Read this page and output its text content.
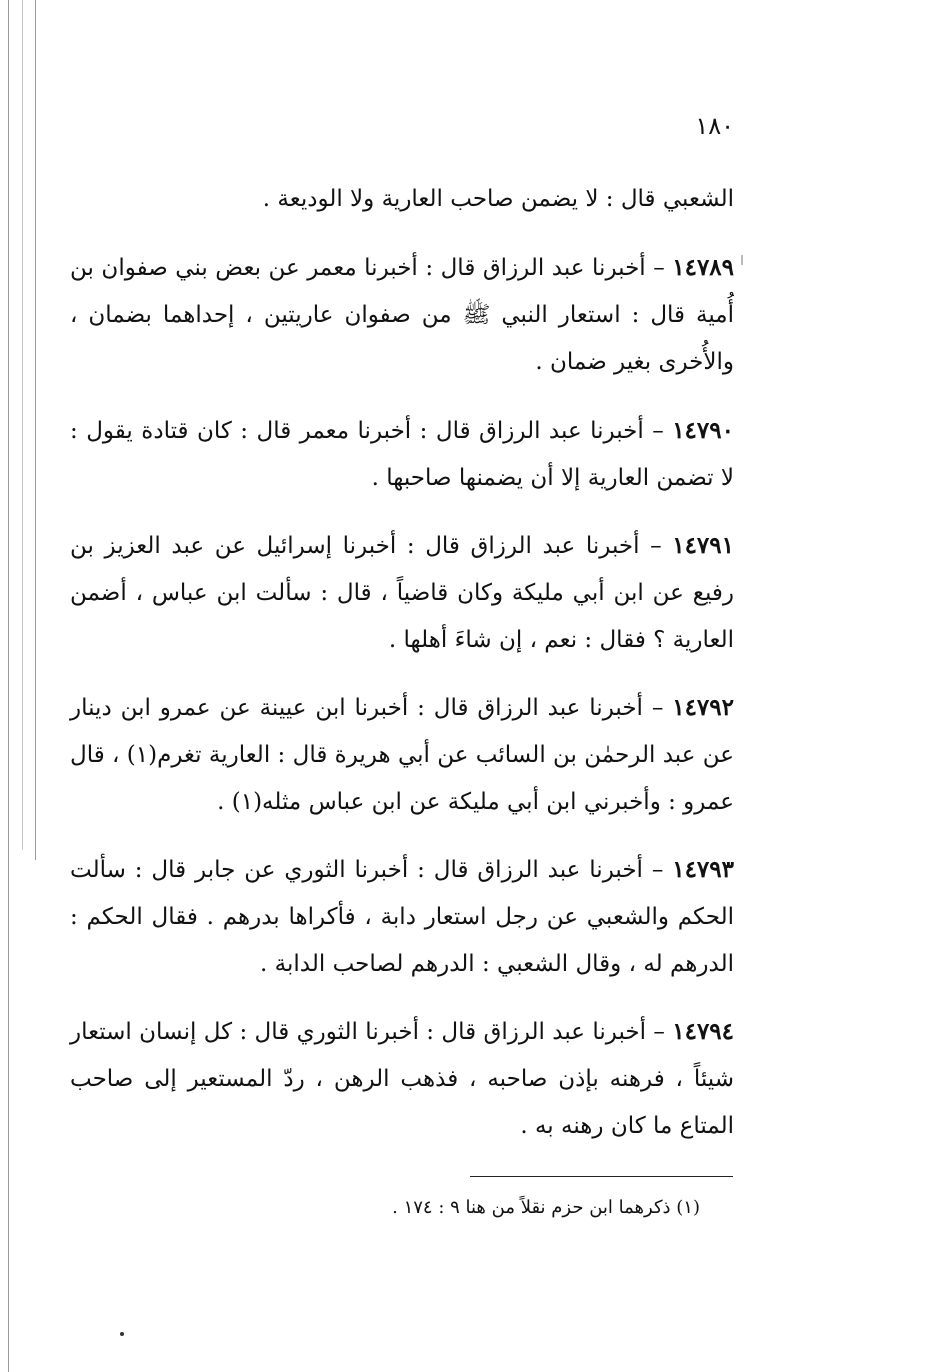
١٨٠

الشعبي قال : لا يضمن صاحب العارية ولا الوديعة .

١٤٧٨٩ – أخبرنا عبد الرزاق قال : أخبرنا معمر عن بعض بني صفوان بن أُمية قال : استعار النبي ﷺ من صفوان عاريتين ، إحداهما بضمان ، والأُخرى بغير ضمان .

١٤٧٩٠ – أخبرنا عبد الرزاق قال : أخبرنا معمر قال : كان قتادة يقول : لا تضمن العارية إلا أن يضمنها صاحبها .

١٤٧٩١ – أخبرنا عبد الرزاق قال : أخبرنا إسرائيل عن عبد العزيز بن رفيع عن ابن أبي مليكة وكان قاضياً ، قال : سألت ابن عباس ، أضمن العارية ؟ فقال : نعم ، إن شاءَ أهلها .

١٤٧٩٢ – أخبرنا عبد الرزاق قال : أخبرنا ابن عيينة عن عمرو ابن دينار عن عبد الرحمٰن بن السائب عن أبي هريرة قال : العارية تغرم(١) ، قال عمرو : وأخبرني ابن أبي مليكة عن ابن عباس مثله(١) .

١٤٧٩٣ – أخبرنا عبد الرزاق قال : أخبرنا الثوري عن جابر قال : سألت الحكم والشعبي عن رجل استعار دابة ، فأكراها بدرهم . فقال الحكم : الدرهم له ، وقال الشعبي : الدرهم لصاحب الدابة .

١٤٧٩٤ – أخبرنا عبد الرزاق قال : أخبرنا الثوري قال : كل إنسان استعار شيئاً ، فرهنه بإذن صاحبه ، فذهب الرهن ، ردّ المستعير إلى صاحب المتاع ما كان رهنه به .

(١) ذكرهما ابن حزم نقلاً من هنا ٩ : ١٧٤ .
